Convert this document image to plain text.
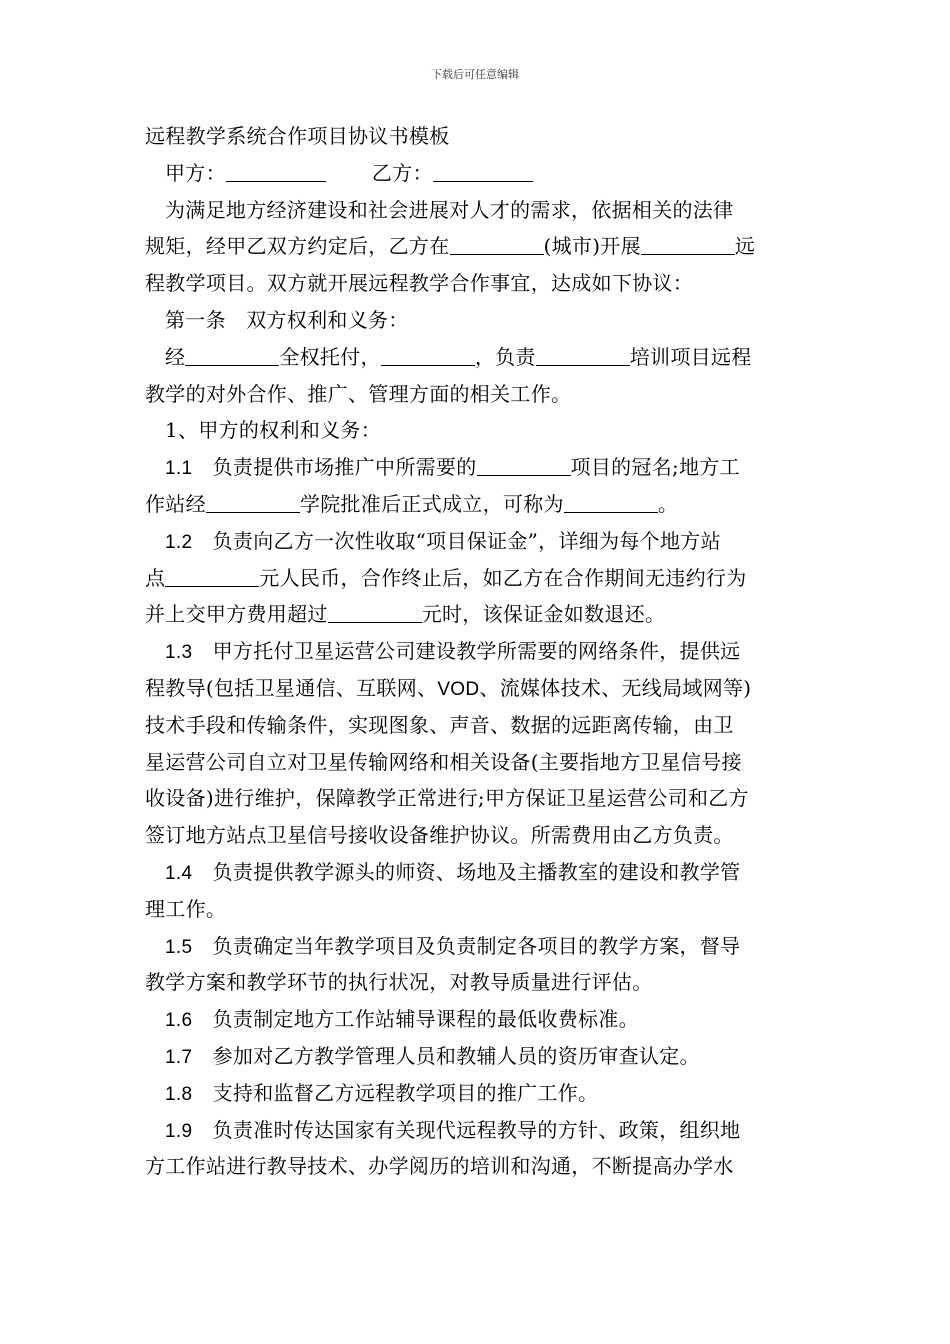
下载后可任意编辑
远程教学系统合作项目协议书模板
甲方：	乙方：
为满足地方经济建设和社会进展对人才的需求，依据相关的法律
规矩，经甲乙双方约定后，乙方在	(城市)开展	远
程教学项目。双方就开展远程教学合作事宜，达成如下协议：
第一条　双方权利和义务：
经	全权托付，	，负责	培训项目远程
教学的对外合作、推广、管理方面的相关工作。
1、甲方的权利和义务：
1.1　负责提供市场推广中所需要的	项目的冠名;地方工
作站经	学院批准后正式成立，可称为	。
1.2　负责向乙方一次性收取“项目保证金”，详细为每个地方站
点	元人民币，合作终止后，如乙方在合作期间无违约行为
并上交甲方费用超过	元时，该保证金如数退还。
1.3　甲方托付卫星运营公司建设教学所需要的网络条件，提供远
程教导(包括卫星通信、互联网、VOD、流媒体技术、无线局域网等)
技术手段和传输条件，实现图象、声音、数据的远距离传输，由卫
星运营公司自立对卫星传输网络和相关设备(主要指地方卫星信号接
收设备)进行维护，保障教学正常进行;甲方保证卫星运营公司和乙方
签订地方站点卫星信号接收设备维护协议。所需费用由乙方负责。
1.4　负责提供教学源头的师资、场地及主播教室的建设和教学管
理工作。
1.5　负责确定当年教学项目及负责制定各项目的教学方案，督导
教学方案和教学环节的执行状况，对教导质量进行评估。
1.6　负责制定地方工作站辅导课程的最低收费标准。
1.7　参加对乙方教学管理人员和教辅人员的资历审查认定。
1.8　支持和监督乙方远程教学项目的推广工作。
1.9　负责准时传达国家有关现代远程教导的方针、政策，组织地
方工作站进行教导技术、办学阅历的培训和沟通，不断提高办学水
